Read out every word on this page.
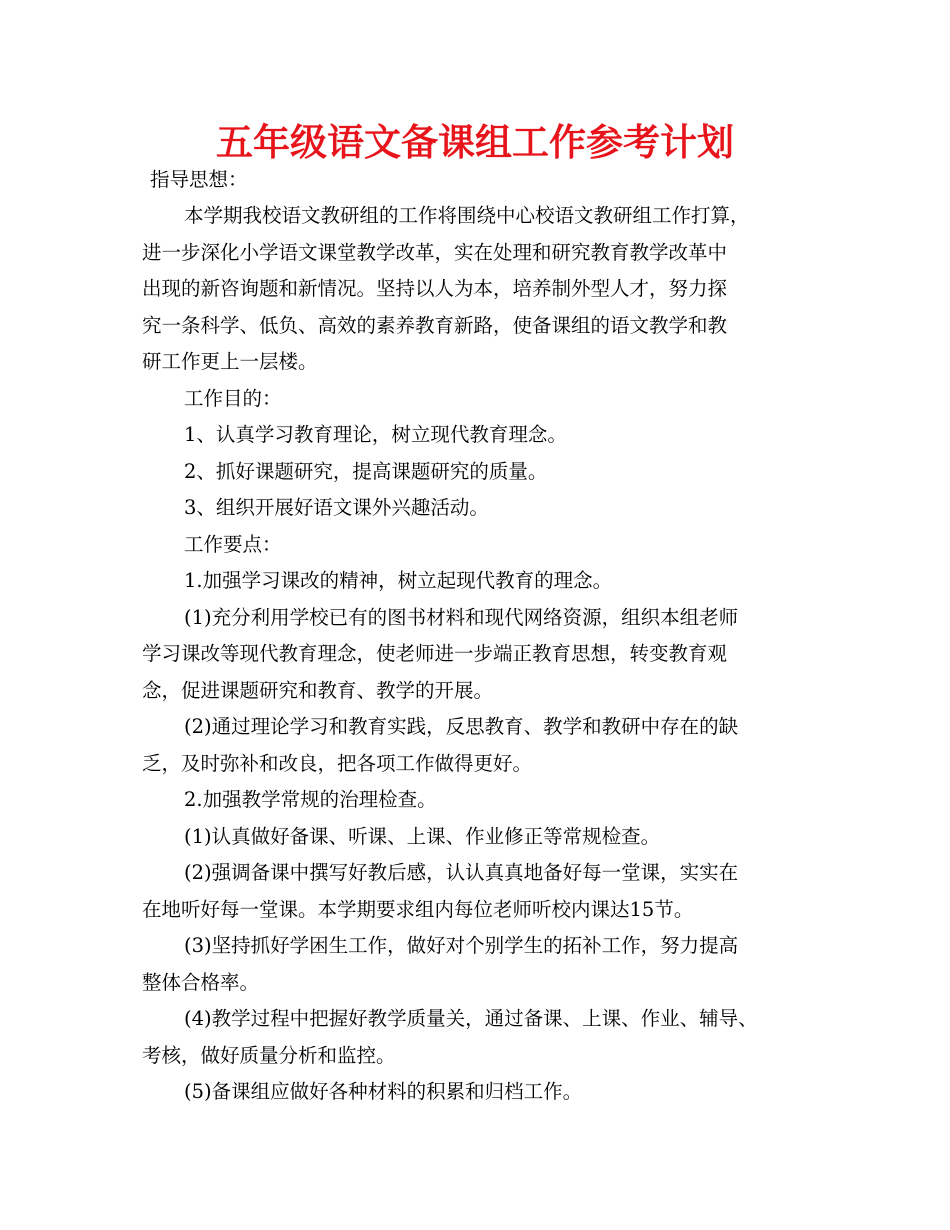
五年级语文备课组工作参考计划

指导思想：

本学期我校语文教研组的工作将围绕中心校语文教研组工作打算，

进一步深化小学语文课堂教学改革，实在处理和研究教育教学改革中

出现的新咨询题和新情况。坚持以人为本，培养制外型人才，努力探

究一条科学、低负、高效的素养教育新路，使备课组的语文教学和教

研工作更上一层楼。

工作目的：

1、认真学习教育理论，树立现代教育理念。

2、抓好课题研究，提高课题研究的质量。

3、组织开展好语文课外兴趣活动。

工作要点：

1.加强学习课改的精神，树立起现代教育的理念。

(1)充分利用学校已有的图书材料和现代网络资源，组织本组老师

学习课改等现代教育理念，使老师进一步端正教育思想，转变教育观

念，促进课题研究和教育、教学的开展。

(2)通过理论学习和教育实践，反思教育、教学和教研中存在的缺

乏，及时弥补和改良，把各项工作做得更好。

2.加强教学常规的治理检查。

(1)认真做好备课、听课、上课、作业修正等常规检查。

(2)强调备课中撰写好教后感，认认真真地备好每一堂课，实实在

在地听好每一堂课。本学期要求组内每位老师听校内课达15节。

(3)坚持抓好学困生工作，做好对个别学生的拓补工作，努力提高

整体合格率。

(4)教学过程中把握好教学质量关，通过备课、上课、作业、辅导、

考核，做好质量分析和监控。

(5)备课组应做好各种材料的积累和归档工作。
